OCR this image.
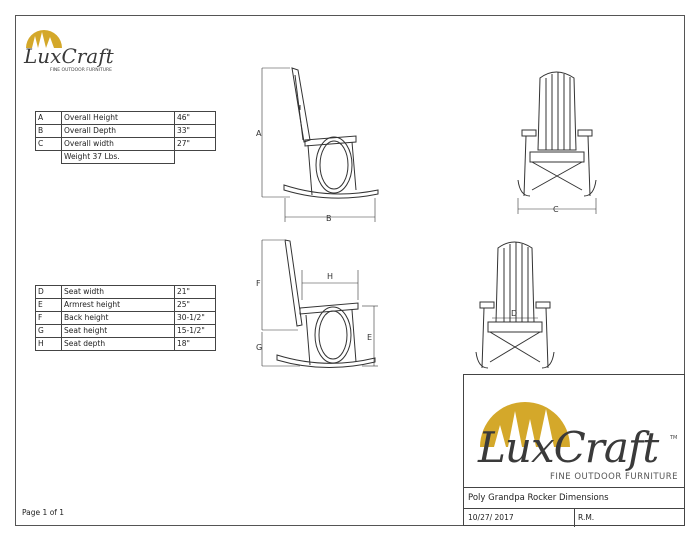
LuxCraft
FINE OUTDOOR FURNITURE
A	Overall Height	46"
B	Overall Depth	33"
C	Overall width	27"
	Weight 37 Lbs.	
D	Seat width	21"
E	Armrest height	25"
F	Back height	30-1/2"
G	Seat height	15-1/2"
H	Seat depth	18"
A
B
C
D
E
F
G
H
LuxCraft TM
FINE OUTDOOR FURNITURE
Poly Grandpa Rocker Dimensions
10/27/ 2017	R.M.
Page 1 of 1
